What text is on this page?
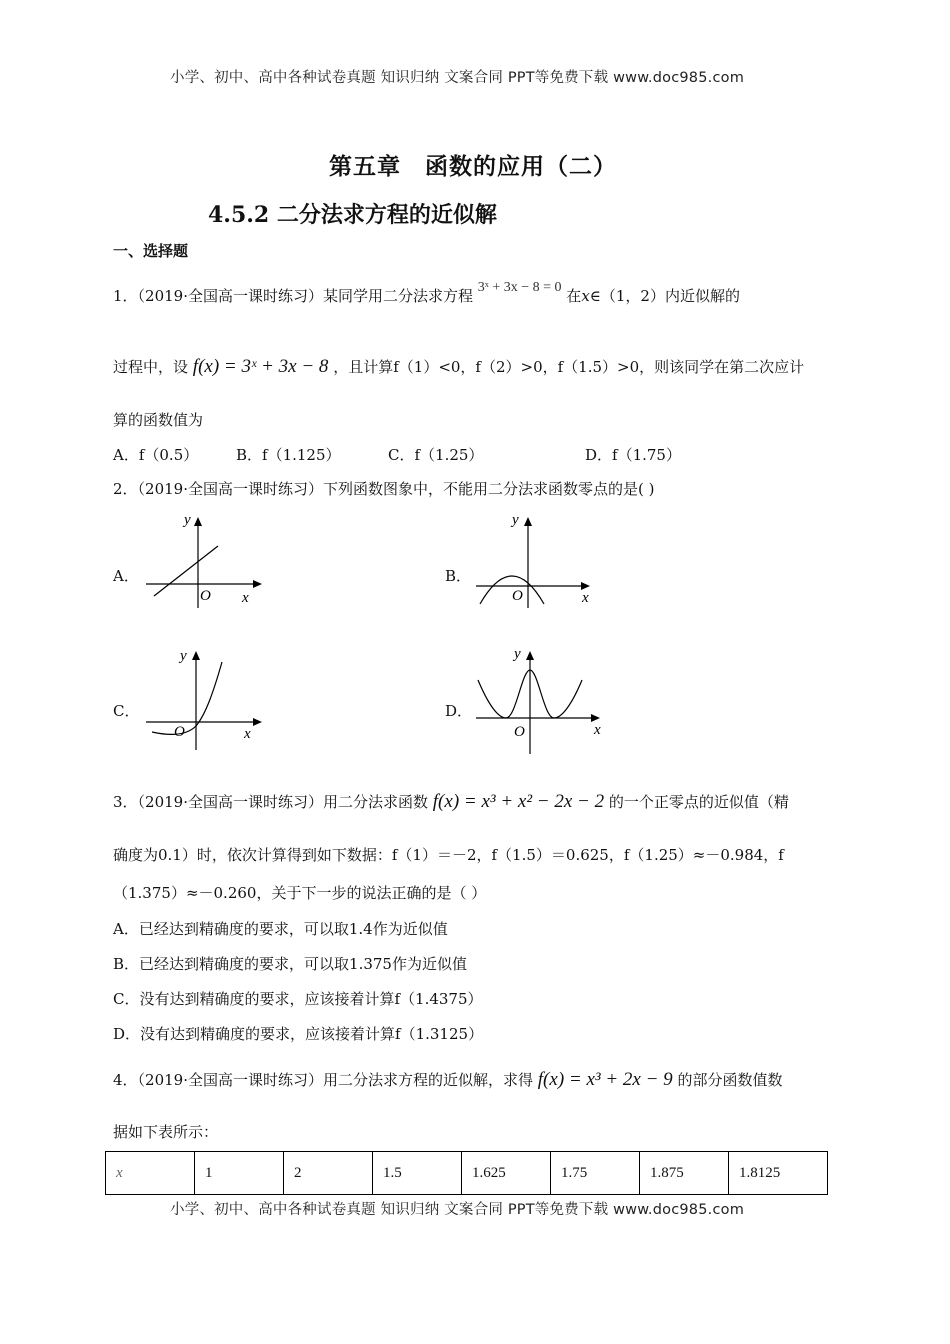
小学、初中、高中各种试卷真题 知识归纳 文案合同 PPT等免费下载 www.doc985.com
第五章　函数的应用（二）
4.5.2 二分法求方程的近似解
一、选择题
1．（2019·全国高一课时练习）某同学用二分法求方程 3ˣ + 3x − 8 = 0 在x∈（1，2）内近似解的
过程中，设 f(x) = 3ˣ + 3x − 8 ，且计算f（1）<0，f（2）>0，f（1.5）>0，则该同学在第二次应计
算的函数值为
A．f（0.5）	B．f（1.125）	C．f（1.25）	D．f（1.75）
2．（2019·全国高一课时练习）下列函数图象中，不能用二分法求函数零点的是( )
A．
O x
y
B．
O	x
y
C．
O	x
y
D．
O	x
y
3．（2019·全国高一课时练习）用二分法求函数 f(x) = x³ + x² − 2x − 2 的一个正零点的近似值（精
确度为0.1）时，依次计算得到如下数据：f（1）＝－2，f（1.5）＝0.625，f（1.25）≈－0.984，f
（1.375）≈－0.260，关于下一步的说法正确的是（ ）
A．已经达到精确度的要求，可以取1.4作为近似值
B．已经达到精确度的要求，可以取1.375作为近似值
C．没有达到精确度的要求，应该接着计算f（1.4375）
D．没有达到精确度的要求，应该接着计算f（1.3125）
4．（2019·全国高一课时练习）用二分法求方程的近似解，求得 f(x) = x³ + 2x − 9 的部分函数值数
据如下表所示：
x	1	2	1.5	1.625	1.75	1.875	1.8125
小学、初中、高中各种试卷真题 知识归纳 文案合同 PPT等免费下载 www.doc985.com
